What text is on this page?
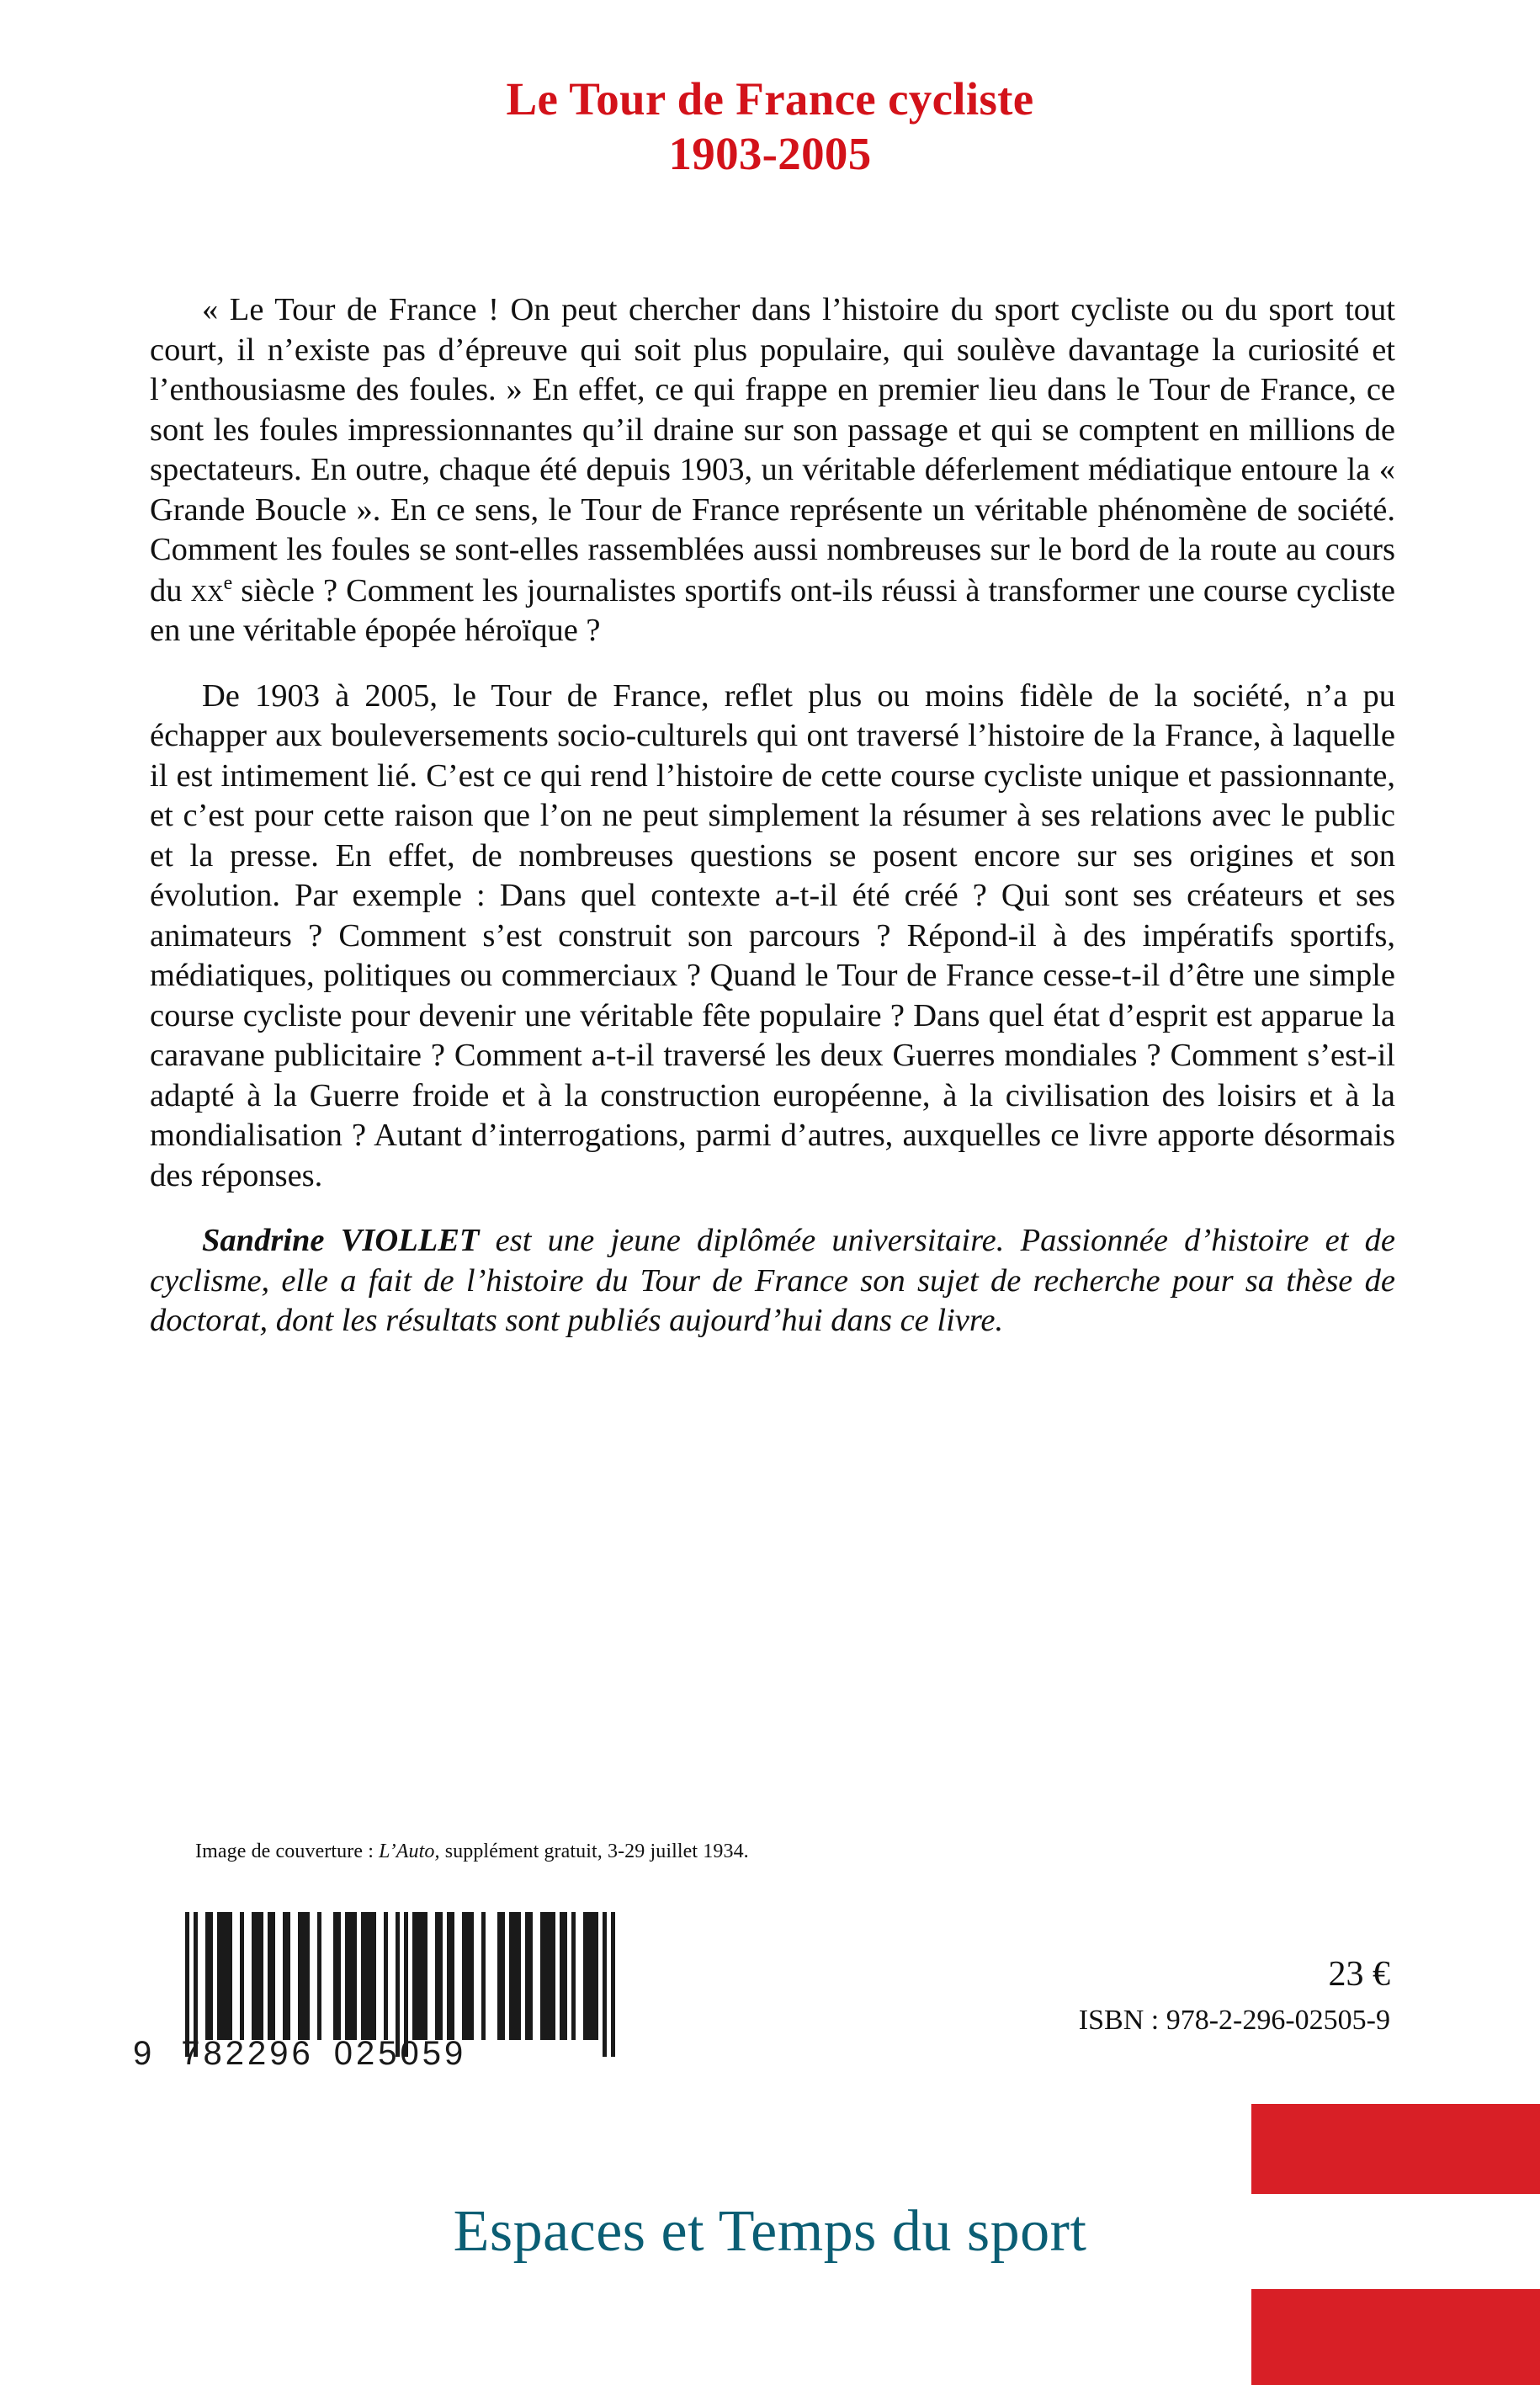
Le Tour de France cycliste
1903-2005

« Le Tour de France ! On peut chercher dans l’histoire du sport cycliste ou du sport tout court, il n’existe pas d’épreuve qui soit plus populaire, qui soulève davantage la curiosité et l’enthousiasme des foules. » En effet, ce qui frappe en premier lieu dans le Tour de France, ce sont les foules impressionnantes qu’il draine sur son passage et qui se comptent en millions de spectateurs. En outre, chaque été depuis 1903, un véritable déferlement médiatique entoure la « Grande Boucle ». En ce sens, le Tour de France représente un véritable phénomène de société. Comment les foules se sont-elles rassemblées aussi nombreuses sur le bord de la route au cours du $xx^e$ siècle ? Comment les journalistes sportifs ont-ils réussi à transformer une course cycliste en une véritable épopée héroïque ?

De 1903 à 2005, le Tour de France, reflet plus ou moins fidèle de la société, n’a pu échapper aux bouleversements socio-culturels qui ont traversé l’histoire de la France, à laquelle il est intimement lié. C’est ce qui rend l’histoire de cette course cycliste unique et passionnante, et c’est pour cette raison que l’on ne peut simplement la résumer à ses relations avec le public et la presse. En effet, de nombreuses questions se posent encore sur ses origines et son évolution. Par exemple : Dans quel contexte a-t-il été créé ? Qui sont ses créateurs et ses animateurs ? Comment s’est construit son parcours ? Répond-il à des impératifs sportifs, médiatiques, politiques ou commerciaux ? Quand le Tour de France cesse-t-il d’être une simple course cycliste pour devenir une véritable fête populaire ? Dans quel état d’esprit est apparue la caravane publicitaire ? Comment a-t-il traversé les deux Guerres mondiales ? Comment s’est-il adapté à la Guerre froide et à la construction européenne, à la civilisation des loisirs et à la mondialisation ? Autant d’interrogations, parmi d’autres, auxquelles ce livre apporte désormais des réponses.

Sandrine VIOLLET est une jeune diplômée universitaire. Passionnée d’histoire et de cyclisme, elle a fait de l’histoire du Tour de France son sujet de recherche pour sa thèse de doctorat, dont les résultats sont publiés aujourd’hui dans ce livre.

Image de couverture : L’Auto, supplément gratuit, 3-29 juillet 1934.
9 782296 025059
23 €
ISBN : 978-2-296-02505-9
Espaces et Temps du sport
